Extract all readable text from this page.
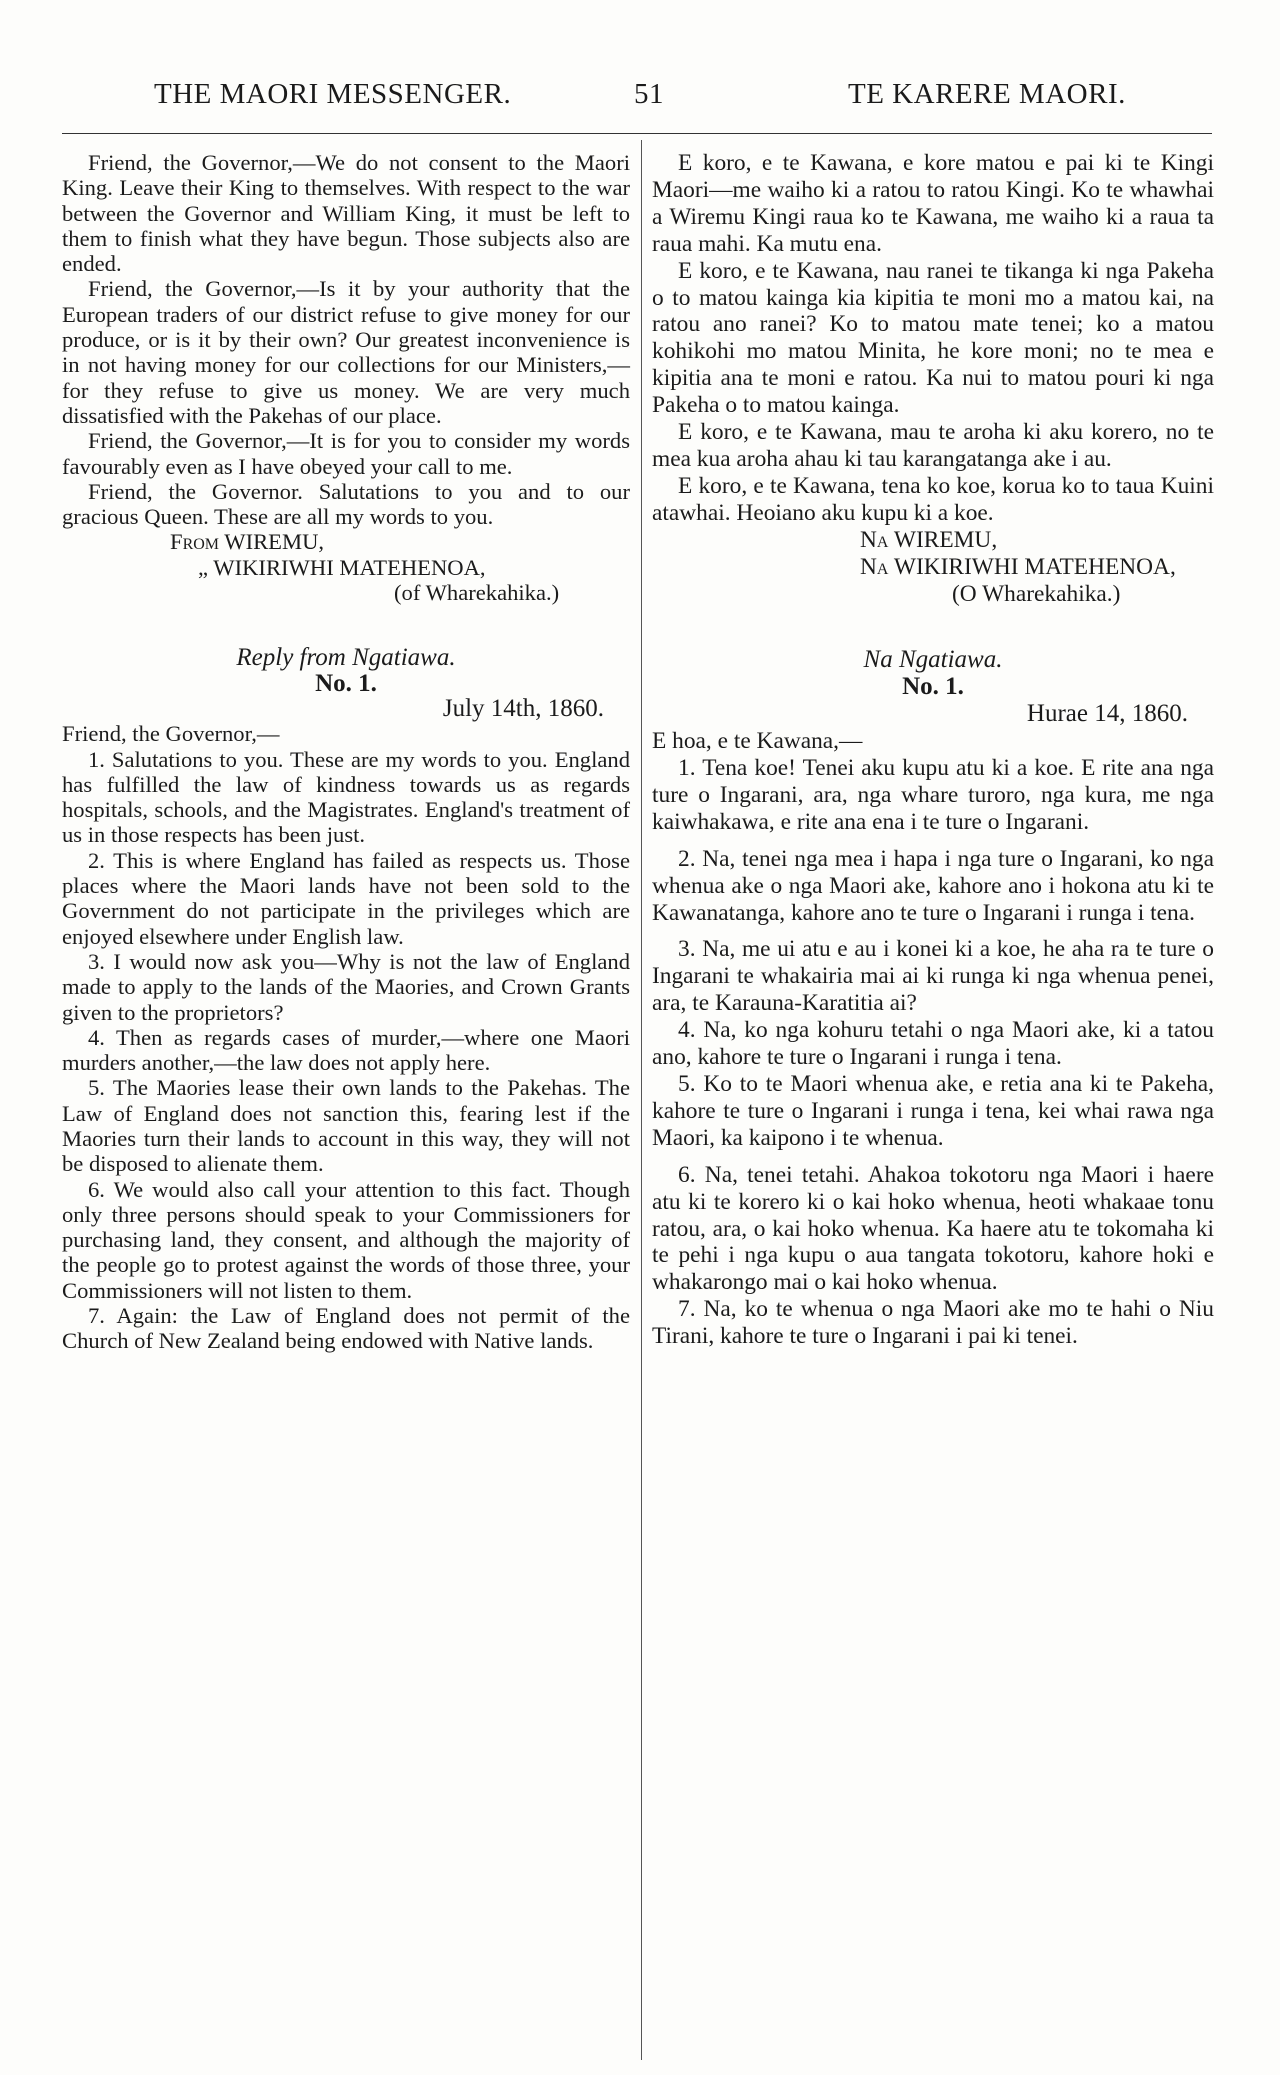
THE MAORI MESSENGER.	51	TE KARERE MAORI.

Friend, the Governor,—We do not consent to the Maori King. Leave their King to themselves. With respect to the war between the Governor and William King, it must be left to them to finish what they have begun. Those subjects also are ended.

Friend, the Governor,—Is it by your authority that the European traders of our district refuse to give money for our produce, or is it by their own? Our greatest inconvenience is in not having money for our collections for our Ministers,—for they refuse to give us money. We are very much dissatisfied with the Pakehas of our place.

Friend, the Governor,—It is for you to consider my words favourably even as I have obeyed your call to me.

Friend, the Governor. Salutations to you and to our gracious Queen. These are all my words to you.

From WIREMU,
„ WIKIRIWHI MATEHENOA,
(of Wharekahika.)

Reply from Ngatiawa.

No. 1.

July 14th, 1860.

Friend, the Governor,—

1. Salutations to you. These are my words to you. England has fulfilled the law of kindness towards us as regards hospitals, schools, and the Magistrates. England's treatment of us in those respects has been just.

2. This is where England has failed as respects us. Those places where the Maori lands have not been sold to the Government do not participate in the privileges which are enjoyed elsewhere under English law.

3. I would now ask you—Why is not the law of England made to apply to the lands of the Maories, and Crown Grants given to the proprietors?

4. Then as regards cases of murder,—where one Maori murders another,—the law does not apply here.

5. The Maories lease their own lands to the Pakehas. The Law of England does not sanction this, fearing lest if the Maories turn their lands to account in this way, they will not be disposed to alienate them.

6. We would also call your attention to this fact. Though only three persons should speak to your Commissioners for purchasing land, they consent, and although the majority of the people go to protest against the words of those three, your Commissioners will not listen to them.

7. Again: the Law of England does not permit of the Church of New Zealand being endowed with Native lands.

E koro, e te Kawana, e kore matou e pai ki te Kingi Maori—me waiho ki a ratou to ratou Kingi. Ko te whawhai a Wiremu Kingi raua ko te Kawana, me waiho ki a raua ta raua mahi. Ka mutu ena.

E koro, e te Kawana, nau ranei te tikanga ki nga Pakeha o to matou kainga kia kipitia te moni mo a matou kai, na ratou ano ranei? Ko to matou mate tenei; ko a matou kohikohi mo matou Minita, he kore moni; no te mea e kipitia ana te moni e ratou. Ka nui to matou pouri ki nga Pakeha o to matou kainga.

E koro, e te Kawana, mau te aroha ki aku korero, no te mea kua aroha ahau ki tau karangatanga ake i au.

E koro, e te Kawana, tena ko koe, korua ko to taua Kuini atawhai. Heoiano aku kupu ki a koe.

Na WIREMU,
Na WIKIRIWHI MATEHENOA,
(O Wharekahika.)

Na Ngatiawa.

No. 1.

Hurae 14, 1860.

E hoa, e te Kawana,—

1. Tena koe! Tenei aku kupu atu ki a koe. E rite ana nga ture o Ingarani, ara, nga whare turoro, nga kura, me nga kaiwhakawa, e rite ana ena i te ture o Ingarani.

2. Na, tenei nga mea i hapa i nga ture o Ingarani, ko nga whenua ake o nga Maori ake, kahore ano i hokona atu ki te Kawanatanga, kahore ano te ture o Ingarani i runga i tena.

3. Na, me ui atu e au i konei ki a koe, he aha ra te ture o Ingarani te whakairia mai ai ki runga ki nga whenua penei, ara, te Karauna-Karatitia ai?

4. Na, ko nga kohuru tetahi o nga Maori ake, ki a tatou ano, kahore te ture o Ingarani i runga i tena.

5. Ko to te Maori whenua ake, e retia ana ki te Pakeha, kahore te ture o Ingarani i runga i tena, kei whai rawa nga Maori, ka kaipono i te whenua.

6. Na, tenei tetahi. Ahakoa tokotoru nga Maori i haere atu ki te korero ki o kai hoko whenua, heoti whakaae tonu ratou, ara, o kai hoko whenua. Ka haere atu te tokomaha ki te pehi i nga kupu o aua tangata tokotoru, kahore hoki e whakarongo mai o kai hoko whenua.

7. Na, ko te whenua o nga Maori ake mo te hahi o Niu Tirani, kahore te ture o Ingarani i pai ki tenei.
